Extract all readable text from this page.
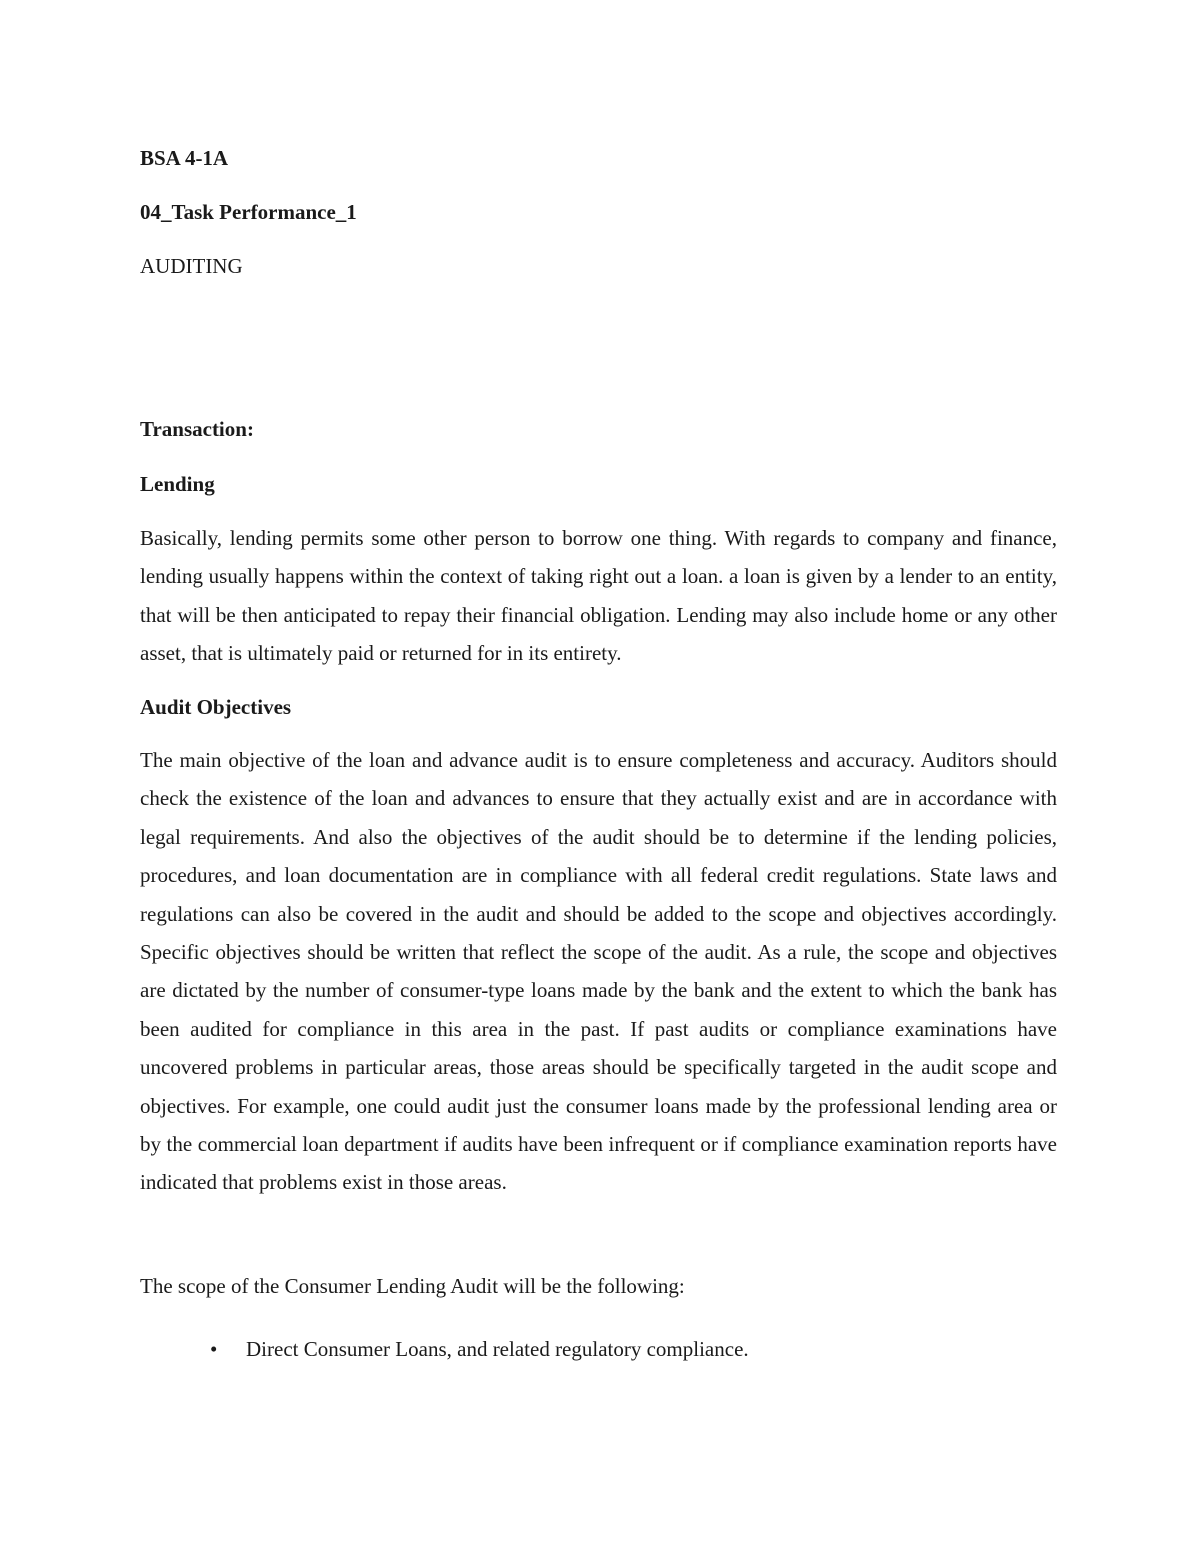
BSA 4-1A

04_Task Performance_1

AUDITING

Transaction:

Lending

Basically, lending permits some other person to borrow one thing. With regards to company and finance, lending usually happens within the context of taking right out a loan. a loan is given by a lender to an entity, that will be then anticipated to repay their financial obligation. Lending may also include home or any other asset, that is ultimately paid or returned for in its entirety.

Audit Objectives

The main objective of the loan and advance audit is to ensure completeness and accuracy. Auditors should check the existence of the loan and advances to ensure that they actually exist and are in accordance with legal requirements. And also the objectives of the audit should be to determine if the lending policies, procedures, and loan documentation are in compliance with all federal credit regulations. State laws and regulations can also be covered in the audit and should be added to the scope and objectives accordingly. Specific objectives should be written that reflect the scope of the audit. As a rule, the scope and objectives are dictated by the number of consumer-type loans made by the bank and the extent to which the bank has been audited for compliance in this area in the past. If past audits or compliance examinations have uncovered problems in particular areas, those areas should be specifically targeted in the audit scope and objectives. For example, one could audit just the consumer loans made by the professional lending area or by the commercial loan department if audits have been infrequent or if compliance examination reports have indicated that problems exist in those areas.

The scope of the Consumer Lending Audit will be the following:

• Direct Consumer Loans, and related regulatory compliance.
